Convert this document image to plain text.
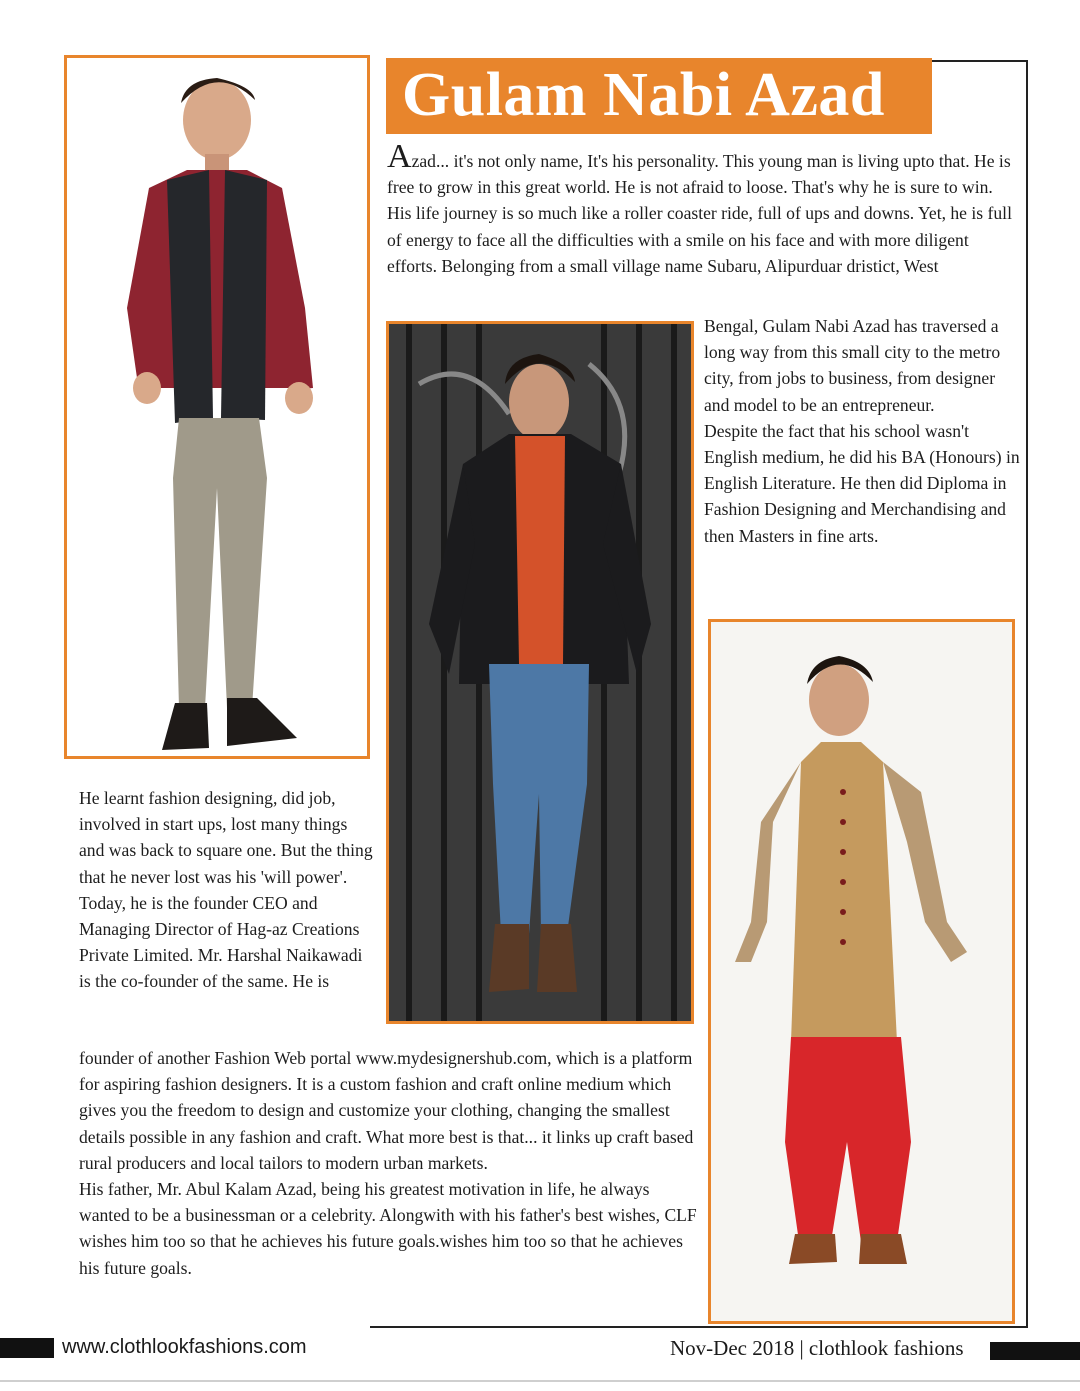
Gulam Nabi Azad
Azad... it's not only name, It's his personality. This young man is living upto that. He is free to grow in this great world. He is not afraid to loose. That's why he is sure to win. His life journey is so much like a roller coaster ride, full of ups and downs. Yet, he is full of energy to face all the difficulties with a smile on his face and with more diligent efforts. Belonging from a small village name Subaru, Alipurduar dristict, West

Bengal, Gulam Nabi Azad has traversed a long way from this small city to the metro city, from jobs to business, from designer and model to be an entrepreneur.

Despite the fact that his school wasn't English medium, he did his BA (Honours) in English Literature. He then did Diploma in Fashion Designing and Merchandising and then Masters in fine arts.

He learnt fashion designing, did job, involved in start ups, lost many things and was back to square one. But the thing that he never lost was his 'will power'. Today, he is the founder CEO and Managing Director of Hag-az Creations Private Limited. Mr. Harshal Naikawadi is the co-founder of the same. He is

founder of another Fashion Web portal www.mydesignershub.com, which is a platform for aspiring fashion designers. It is a custom fashion and craft online medium which gives you the freedom to design and customize your clothing, changing the smallest details possible in any fashion and craft. What more best is that... it links up craft based rural producers and local tailors to modern urban markets.

His father, Mr. Abul Kalam Azad, being his greatest motivation in life, he always wanted to be a businessman or a celebrity. Alongwith with his father's best wishes, CLF wishes him too so that he achieves his future goals.wishes him too so that he achieves his future goals.

www.clothlookfashions.com	Nov-Dec 2018 | clothlook fashions
